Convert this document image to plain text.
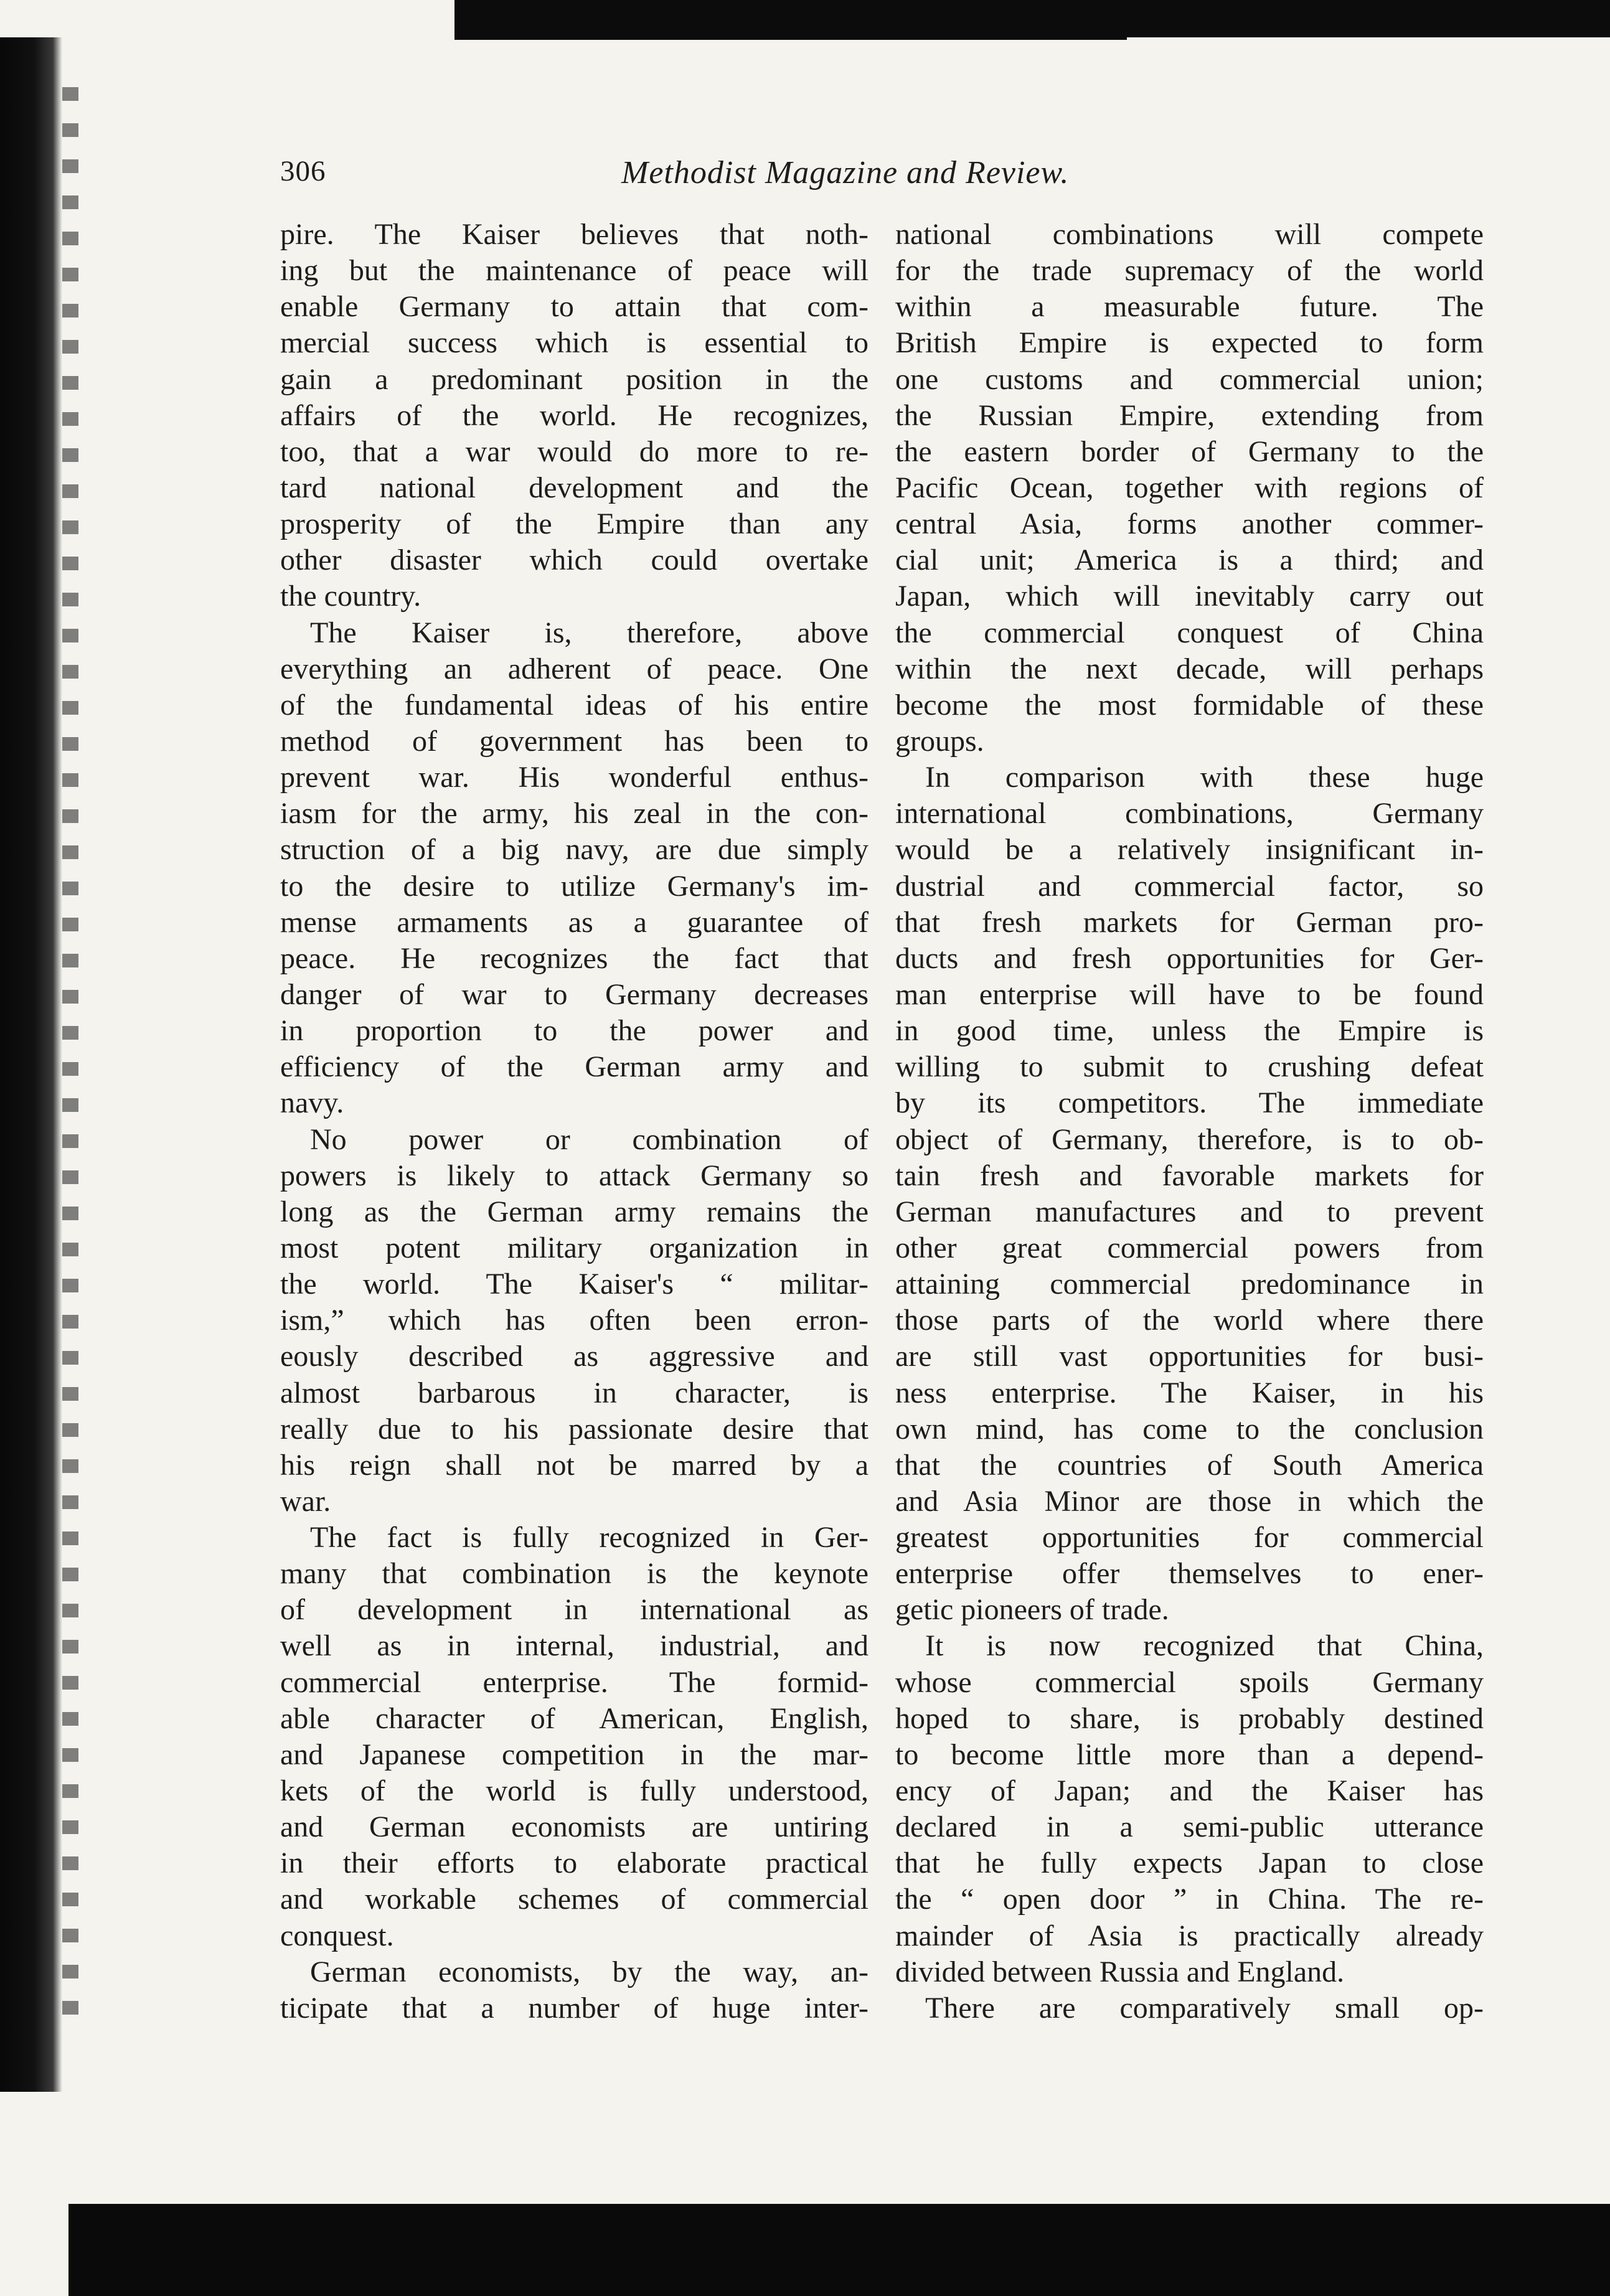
306	Methodist Magazine and Review.
pire. The Kaiser believes that noth-
ing but the maintenance of peace will
enable Germany to attain that com-
mercial success which is essential to
gain a predominant position in the
affairs of the world. He recognizes,
too, that a war would do more to re-
tard national development and the
prosperity of the Empire than any
other disaster which could overtake
the country.
The Kaiser is, therefore, above
everything an adherent of peace. One
of the fundamental ideas of his entire
method of government has been to
prevent war. His wonderful enthus-
iasm for the army, his zeal in the con-
struction of a big navy, are due simply
to the desire to utilize Germany's im-
mense armaments as a guarantee of
peace. He recognizes the fact that
danger of war to Germany decreases
in proportion to the power and
efficiency of the German army and
navy.
No power or combination of
powers is likely to attack Germany so
long as the German army remains the
most potent military organization in
the world. The Kaiser's “ militar-
ism,” which has often been erron-
eously described as aggressive and
almost barbarous in character, is
really due to his passionate desire that
his reign shall not be marred by a
war.
The fact is fully recognized in Ger-
many that combination is the keynote
of development in international as
well as in internal, industrial, and
commercial enterprise. The formid-
able character of American, English,
and Japanese competition in the mar-
kets of the world is fully understood,
and German economists are untiring
in their efforts to elaborate practical
and workable schemes of commercial
conquest.
German economists, by the way, an-
ticipate that a number of huge inter-
national combinations will compete
for the trade supremacy of the world
within a measurable future. The
British Empire is expected to form
one customs and commercial union;
the Russian Empire, extending from
the eastern border of Germany to the
Pacific Ocean, together with regions of
central Asia, forms another commer-
cial unit; America is a third; and
Japan, which will inevitably carry out
the commercial conquest of China
within the next decade, will perhaps
become the most formidable of these
groups.
In comparison with these huge
international combinations, Germany
would be a relatively insignificant in-
dustrial and commercial factor, so
that fresh markets for German pro-
ducts and fresh opportunities for Ger-
man enterprise will have to be found
in good time, unless the Empire is
willing to submit to crushing defeat
by its competitors. The immediate
object of Germany, therefore, is to ob-
tain fresh and favorable markets for
German manufactures and to prevent
other great commercial powers from
attaining commercial predominance in
those parts of the world where there
are still vast opportunities for busi-
ness enterprise. The Kaiser, in his
own mind, has come to the conclusion
that the countries of South America
and Asia Minor are those in which the
greatest opportunities for commercial
enterprise offer themselves to ener-
getic pioneers of trade.
It is now recognized that China,
whose commercial spoils Germany
hoped to share, is probably destined
to become little more than a depend-
ency of Japan; and the Kaiser has
declared in a semi-public utterance
that he fully expects Japan to close
the “ open door ” in China. The re-
mainder of Asia is practically already
divided between Russia and England.
There are comparatively small op-
